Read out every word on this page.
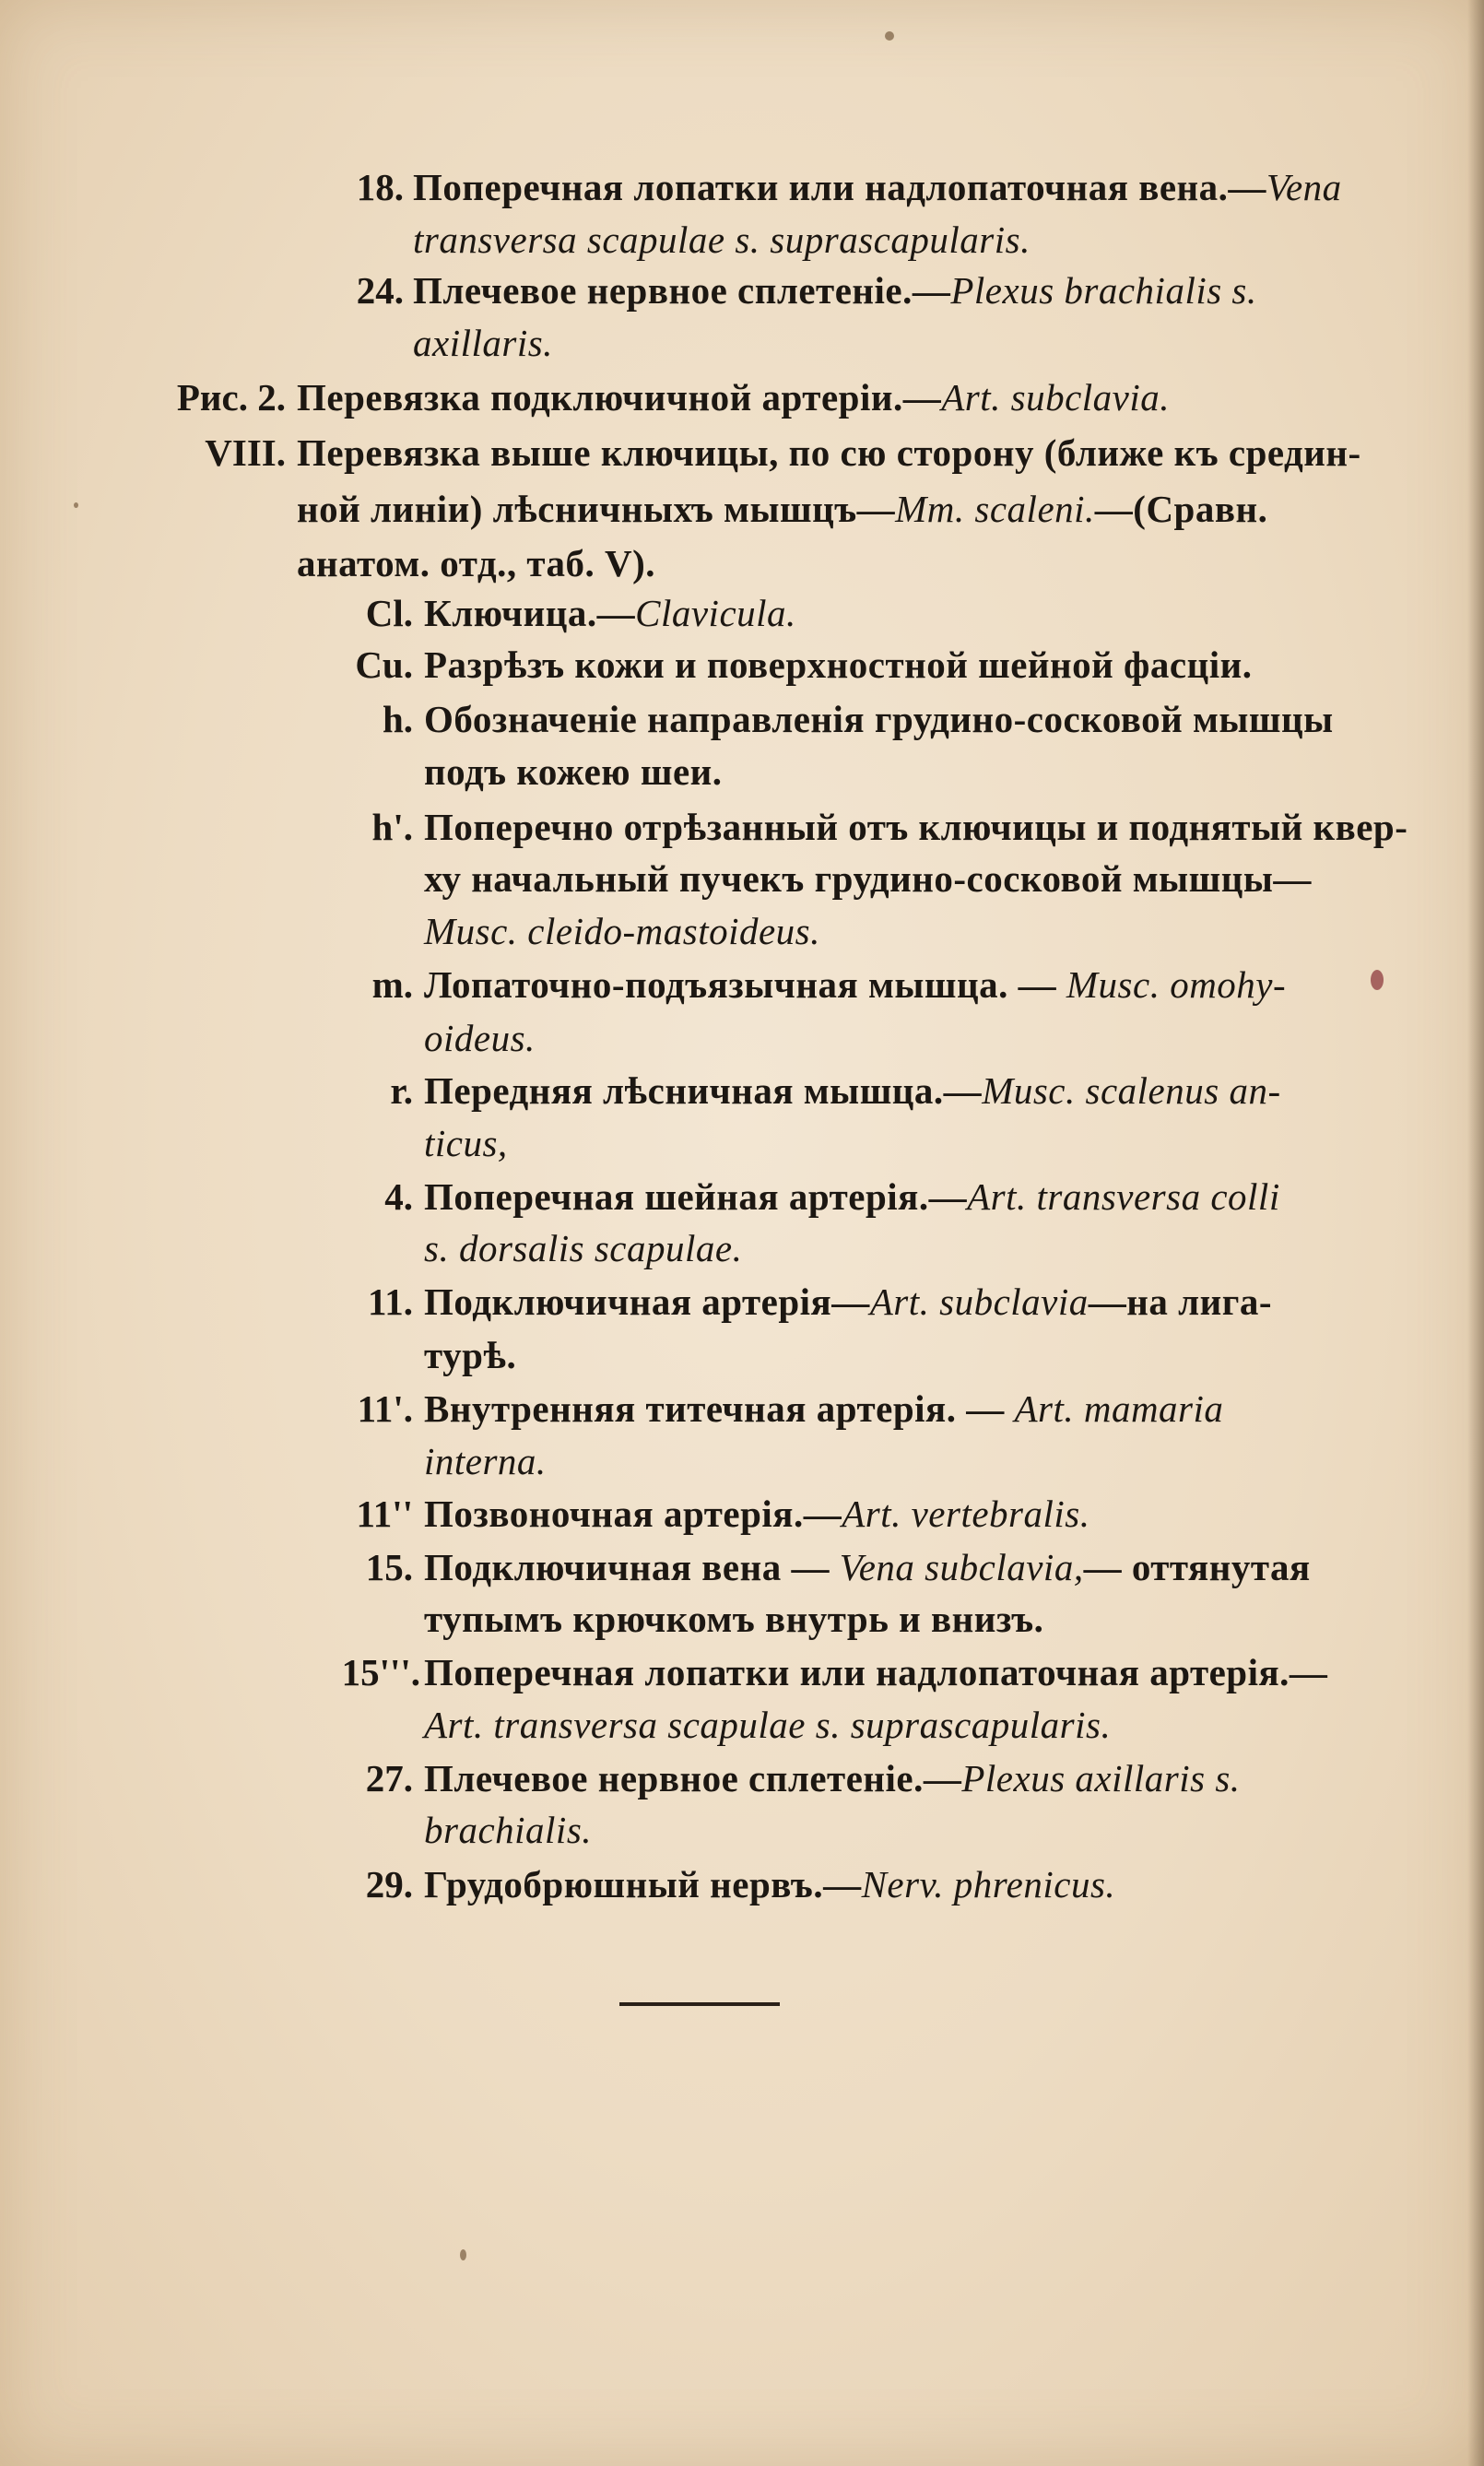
18. Поперечная лопатки или надлопаточная вена.—Vena
transversa scapulae s. suprascapularis.
24. Плечевое нервное сплетеніе.—Plexus brachialis s.
axillaris.
Рис. 2. Перевязка подключичной артеріи.—Art. subclavia.
VIII. Перевязка выше ключицы, по сю сторону (ближе къ средин-
ной линіи) лѣсничныхъ мышцъ—Mm. scaleni.—(Сравн.
анатом. отд., таб. V).
Cl. Ключица.—Clavicula.
Cu. Разрѣзъ кожи и поверхностной шейной фасціи.
h. Обозначеніе направленія грудино-сосковой мышцы
подъ кожею шеи.
h'. Поперечно отрѣзанный отъ ключицы и поднятый квер-
ху начальный пучекъ грудино-сосковой мышцы—
Musc. cleido-mastoideus.
m. Лопаточно-подъязычная мышца. — Musc. omohy-
oideus.
r. Передняя лѣсничная мышца.—Musc. scalenus an-
ticus,
4. Поперечная шейная артерія.—Art. transversa colli
s. dorsalis scapulae.
11. Подключичная артерія—Art. subclavia—на лига-
турѣ.
11'. Внутренняя титечная артерія. — Art. mamaria
interna.
11'' Позвоночная артерія.—Art. vertebralis.
15. Подключичная вена — Vena subclavia,— оттянутая
тупымъ крючкомъ внутрь и внизъ.
15'''. Поперечная лопатки или надлопаточная артерія.—
Art. transversa scapulae s. suprascapularis.
27. Плечевое нервное сплетеніе.—Plexus axillaris s.
brachialis.
29. Грудобрюшный нервъ.—Nerv. phrenicus.
